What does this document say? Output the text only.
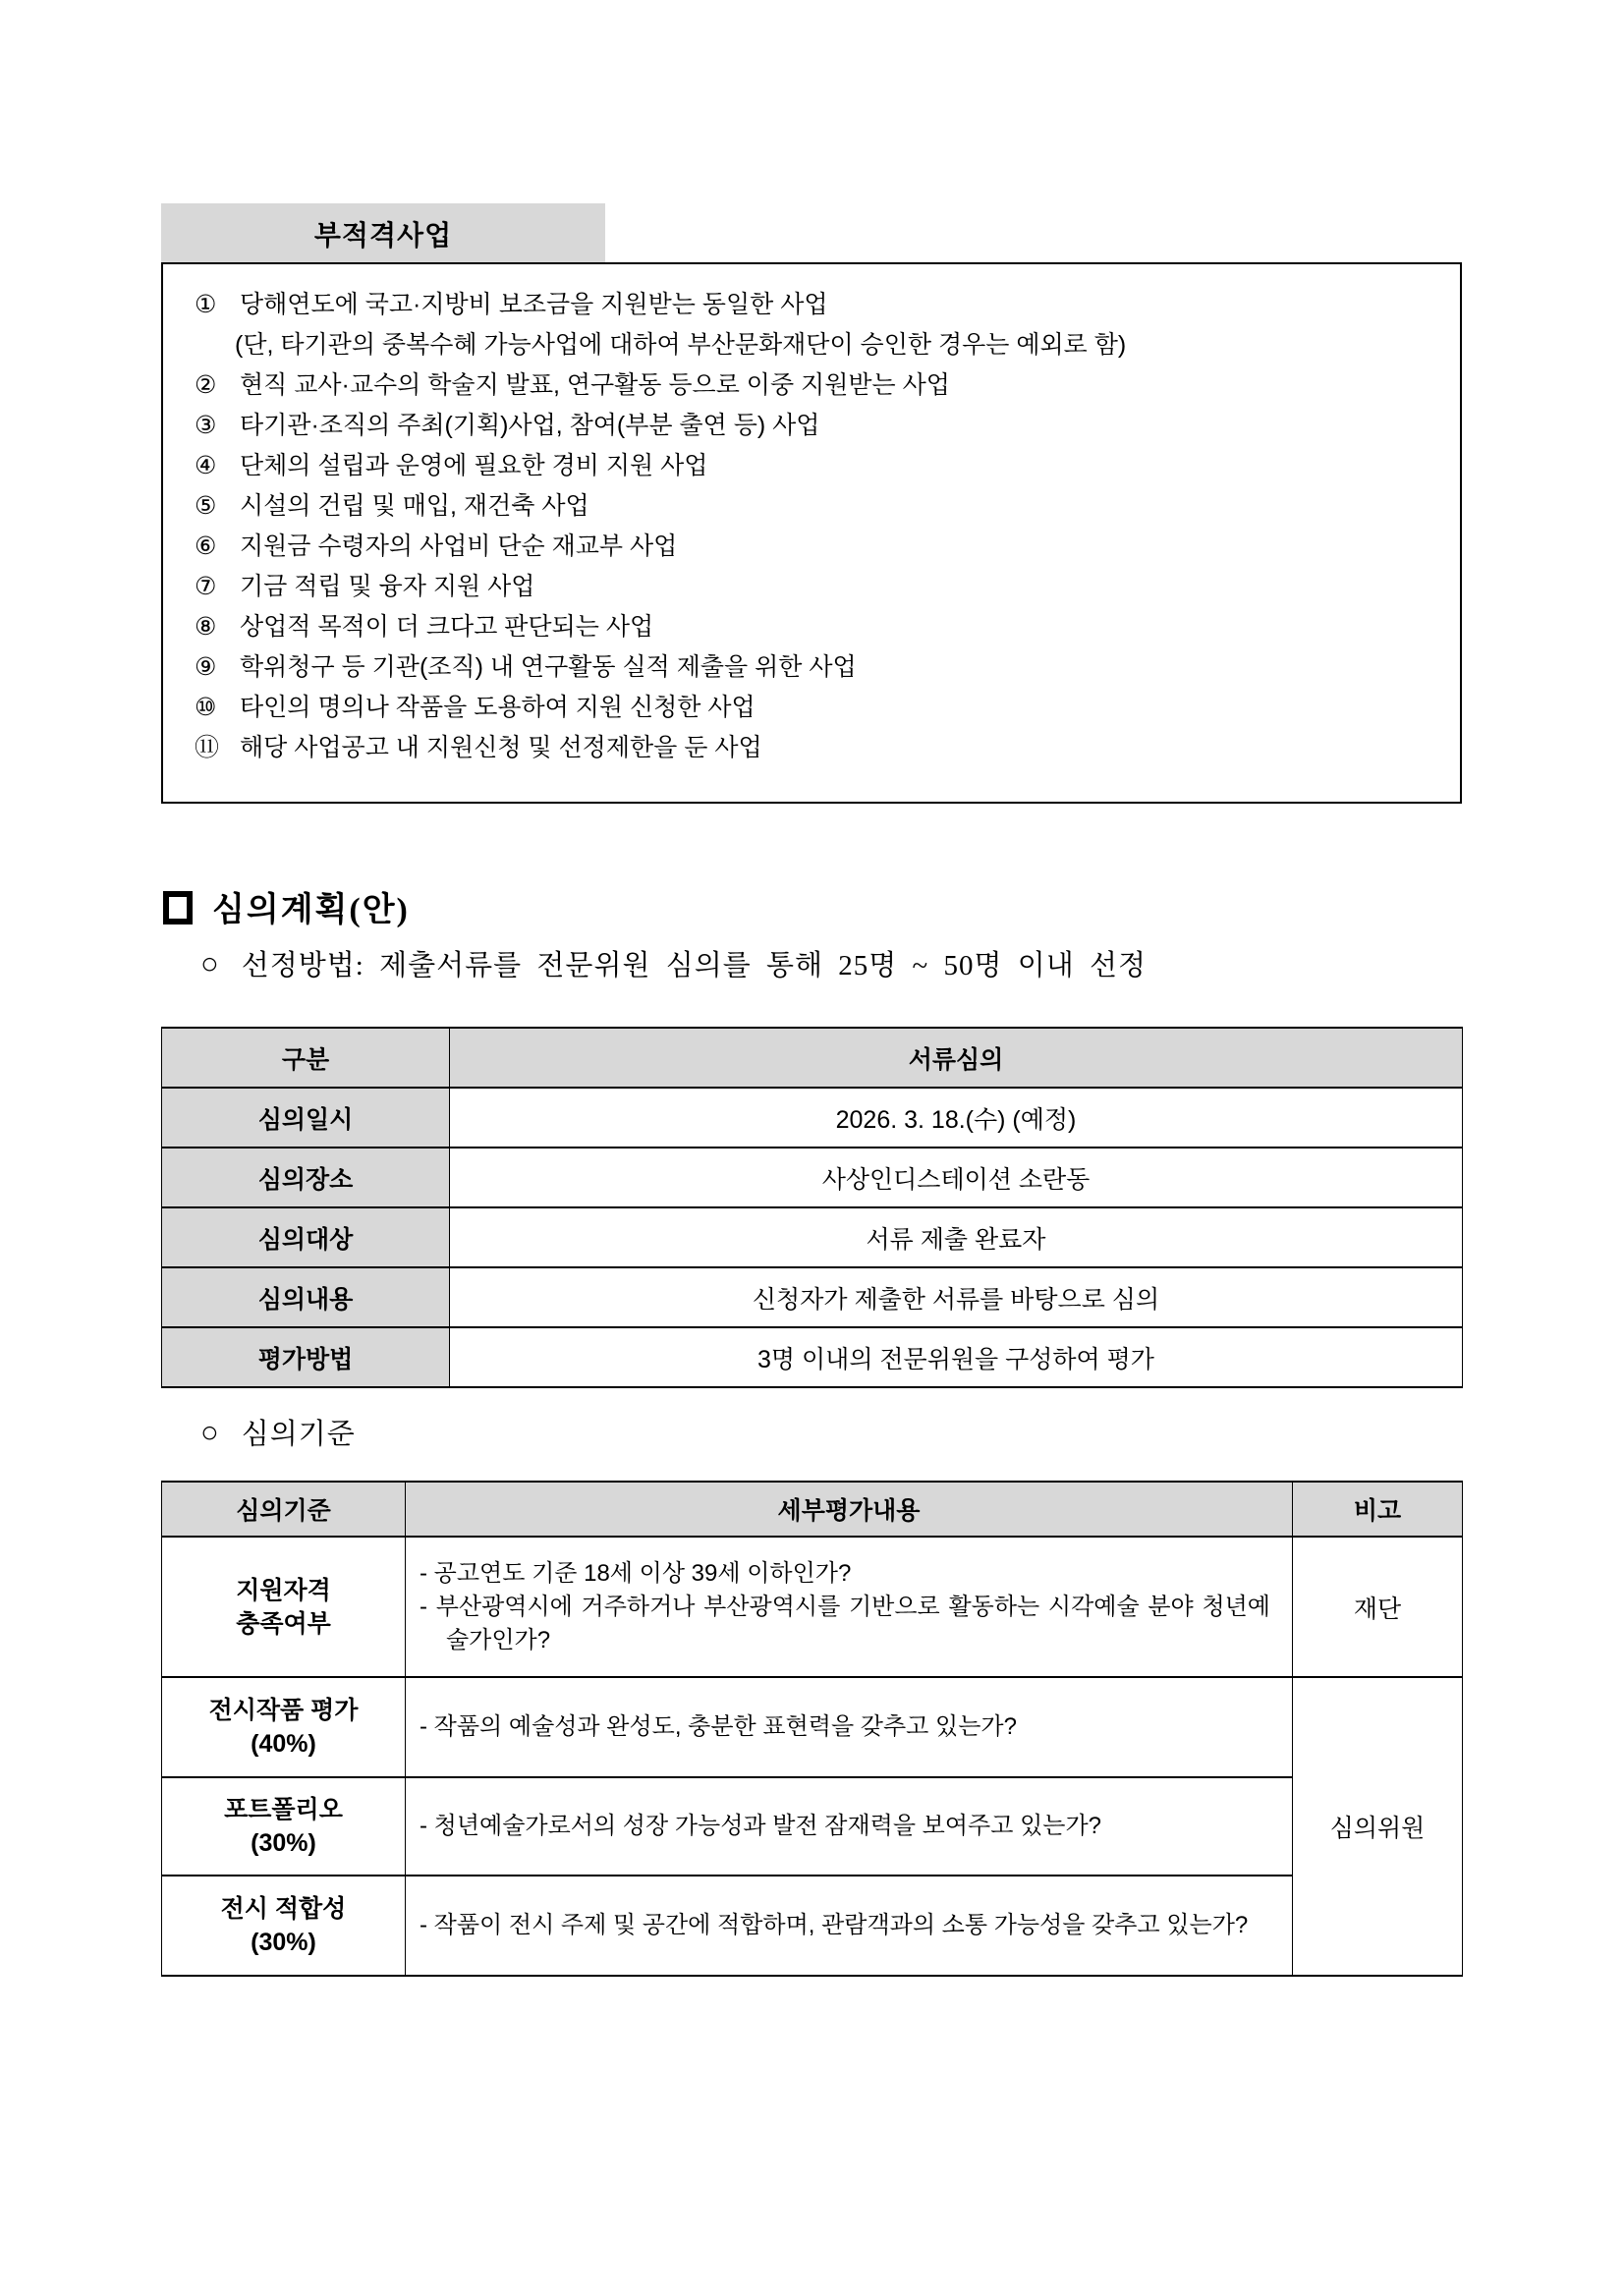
부적격사업
① 당해연도에 국고·지방비 보조금을 지원받는 동일한 사업
(단, 타기관의 중복수혜 가능사업에 대하여 부산문화재단이 승인한 경우는 예외로 함)
② 현직 교사·교수의 학술지 발표, 연구활동 등으로 이중 지원받는 사업
③ 타기관·조직의 주최(기획)사업, 참여(부분 출연 등) 사업
④ 단체의 설립과 운영에 필요한 경비 지원 사업
⑤ 시설의 건립 및 매입, 재건축 사업
⑥ 지원금 수령자의 사업비 단순 재교부 사업
⑦ 기금 적립 및 융자 지원 사업
⑧ 상업적 목적이 더 크다고 판단되는 사업
⑨ 학위청구 등 기관(조직) 내 연구활동 실적 제출을 위한 사업
⑩ 타인의 명의나 작품을 도용하여 지원 신청한 사업
⑪ 해당 사업공고 내 지원신청 및 선정제한을 둔 사업
심의계획(안)
○ 선정방법: 제출서류를 전문위원 심의를 통해 25명 ~ 50명 이내 선정
구분	서류심의
심의일시	2026. 3. 18.(수) (예정)
심의장소	사상인디스테이션 소란동
심의대상	서류 제출 완료자
심의내용	신청자가 제출한 서류를 바탕으로 심의
평가방법	3명 이내의 전문위원을 구성하여 평가
○ 심의기준
심의기준	세부평가내용	비고
지원자격
충족여부	
- 공고연도 기준 18세 이상 39세 이하인가?
- 부산광역시에 거주하거나 부산광역시를 기반으로 활동하는 시각예술 분야 청년예술가인가?
	재단
전시작품 평가
(40%)	- 작품의 예술성과 완성도, 충분한 표현력을 갖추고 있는가?	심의위원
포트폴리오
(30%)	- 청년예술가로서의 성장 가능성과 발전 잠재력을 보여주고 있는가?	

전시 적합성
(30%)	- 작품이 전시 주제 및 공간에 적합하며, 관람객과의 소통 가능성을 갖추고 있는가?	
